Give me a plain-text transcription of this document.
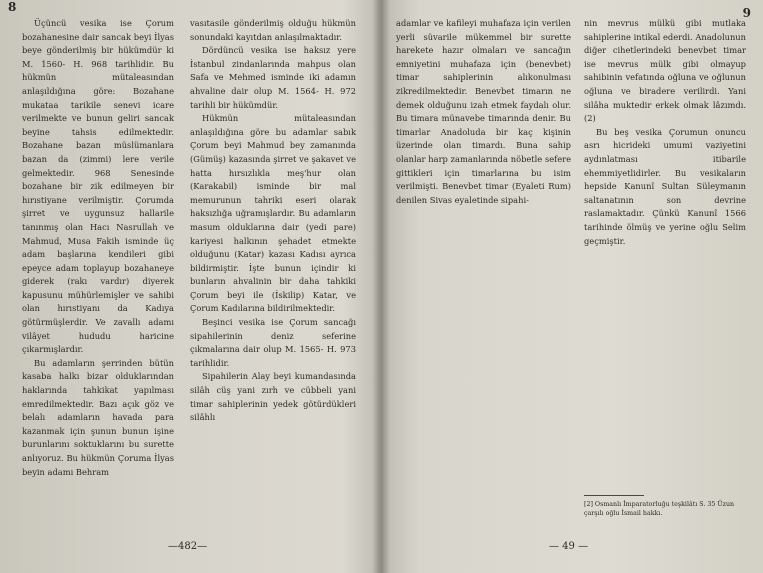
8

Üçüncü vesika ise Çorum bozahanesine dair sancak beyi İlyas beye gönderilmiş bir hükümdür ki M. 1560- H. 968 tarihlidir. Bu hükmün mütaleasından anlaşıldığına göre: Bozahane mukataa tarikile senevi icare verilmekte ve bunun geliri sancak beyine tahsis edilmektedir. Bozahane bazan müslümanlara bazan da (zimmi) lere verile gelmektedir. 968 Senesinde bozahane bir zik edilmeyen bir hırıstiyane verilmiştir. Çorumda şirret ve uygunsuz hallarile tanınmış olan Hacı Nasrullah ve Mahmud, Musa Fakih isminde üç adam başlarına kendileri gibi epeyce adam toplayup bozahaneye giderek (rakı vardır) diyerek kapusunu mühürlemişler ve sahibi olan hırıstiyanı da Kadıya götürmüşlerdir. Ve zavallı adamı vilâyet hududu haricine çıkarmışlardır.

Bu adamların şerrinden bütün kasaba halkı bizar olduklarından haklarında tahkikat yapılması emredilmektedir. Bazı açık göz ve belalı adamların havada para kazanmak için şunun bunun işine burunlarını soktuklarını bu surette anlıyoruz. Bu hükmün Çoruma İlyas beyin adamı Behram

vasıtasile gönderilmiş olduğu hükmün sonundaki kayıtdan anlaşılmaktadır.

Dördüncü vesika ise haksız yere İstanbul zindanlarında mahpus olan Safa ve Mehmed isminde iki adamın ahvaline dair olup M. 1564- H. 972 tarihli bir hükümdür.

Hükmün mütaleasından anlaşıldığına göre bu adamlar sabık Çorum beyi Mahmud bey zamanında (Gümüş) kazasında şirret ve şakavet ve hatta hırsızlıkla meş'hur olan (Karakabil) isminde bir mal memurunun tahriki eseri olarak haksızlığa uğramışlardır. Bu adamların masum olduklarına dair (yedi pare) kariyesi halkının şehadet etmekte olduğunu (Katar) kazası Kadısı ayrıca bildirmiştir. İşte bunun içindir ki bunların ahvalinin bir daha tahkiki Çorum beyi ile (İskilip) Katar, ve Çorum Kadılarına bildirilmektedir.

Beşinci vesika ise Çorum sancağı sipahilerinin deniz seferine çıkmalarına dair olup M. 1565- H. 973 tarihlidir.

Sipahilerin Alay beyi kumandasında silâh cüş yani zırh ve cübbeli yani timar sahiplerinin yedek götürdükleri silâhlı

—482—
9

adamlar ve kafileyi muhafaza için verilen yerli süvarile mükemmel bir surette harekete hazır olmaları ve sancağın emniyetini muhafaza için (benevbet) timar sahiplerinin alıkonulması zikredilmektedir. Benevbet timarın ne demek olduğunu izah etmek faydalı olur. Bu timara münavebe timarında denir. Bu timarlar Anadoluda bir kaç kişinin üzerinde olan timardı. Buna sahip olanlar harp zamanlarında nöbetle sefere gittikleri için timarlarına bu isim verilmişti. Benevbet timar (Eyaleti Rum) denilen Sivas eyaletinde sipahi-

nin mevrus mülkü gibi mutlaka sahiplerine intikal ederdi. Anadolunun diğer cihetlerindeki benevbet timar ise mevrus mülk gibi olmayup sahibinin vefatında oğluna ve oğlunun oğluna ve biradere verilirdi. Yani silâha muktedir erkek olmak lâzımdı. (2)

Bu beş vesika Çorumun onuncu asrı hicrideki umumi vaziyetini aydınlatması itibarile ehemmiyetlidirler. Bu vesikaların hepside Kanunî Sultan Süleymanın saltanatının son devrine raslamaktadır. Çünkü Kanunî 1566 tarihinde ölmüş ve yerine oğlu Selim geçmiştir.

[2] Osmanlı İmparatorluğu teşkilâtı S. 35 Ûzun çarşılı oğlu İsmail hakkı.
— 49 —
